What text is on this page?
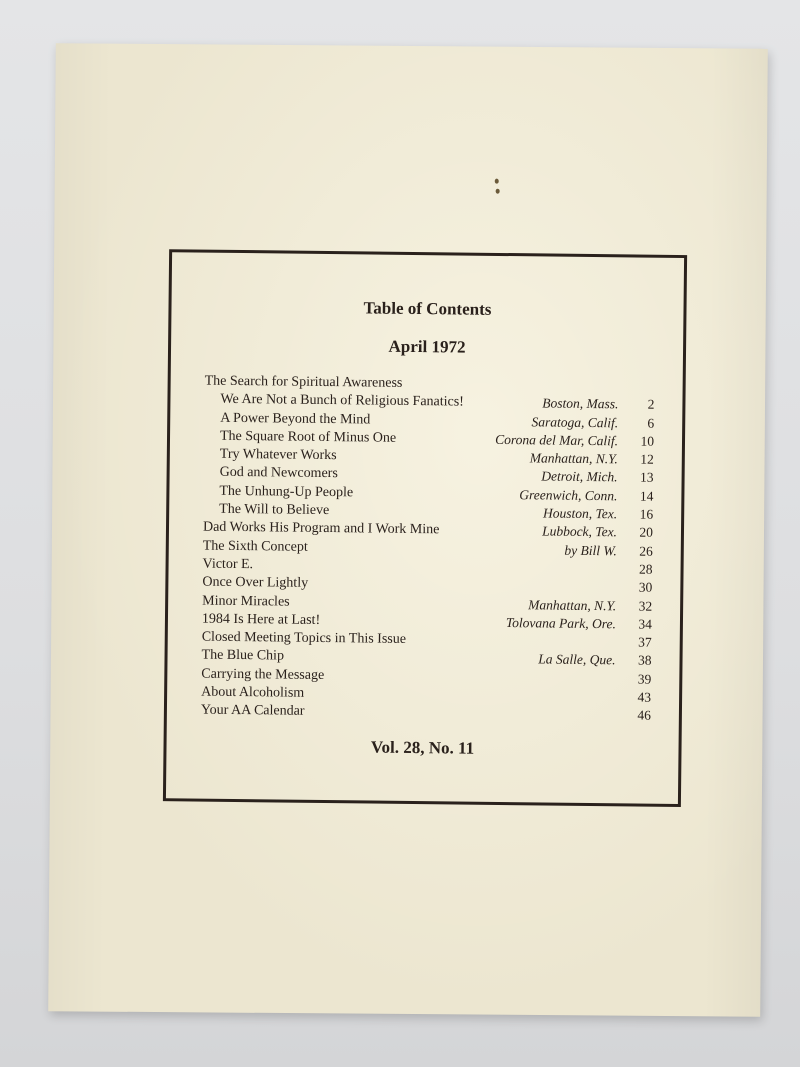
Table of Contents
April 1972
The Search for Spiritual Awareness
We Are Not a Bunch of Religious Fanatics!	Boston, Mass.	2
A Power Beyond the Mind	Saratoga, Calif.	6
The Square Root of Minus One	Corona del Mar, Calif.	10
Try Whatever Works	Manhattan, N.Y.	12
God and Newcomers	Detroit, Mich.	13
The Unhung-Up People	Greenwich, Conn.	14
The Will to Believe	Houston, Tex.	16
Dad Works His Program and I Work Mine	Lubbock, Tex.	20
The Sixth Concept	by Bill W.	26
Victor E.	28
Once Over Lightly	30
Minor Miracles	Manhattan, N.Y.	32
1984 Is Here at Last!	Tolovana Park, Ore.	34
Closed Meeting Topics in This Issue	37
The Blue Chip	La Salle, Que.	38
Carrying the Message	39
About Alcoholism	43
Your AA Calendar	46
Vol. 28, No. 11
